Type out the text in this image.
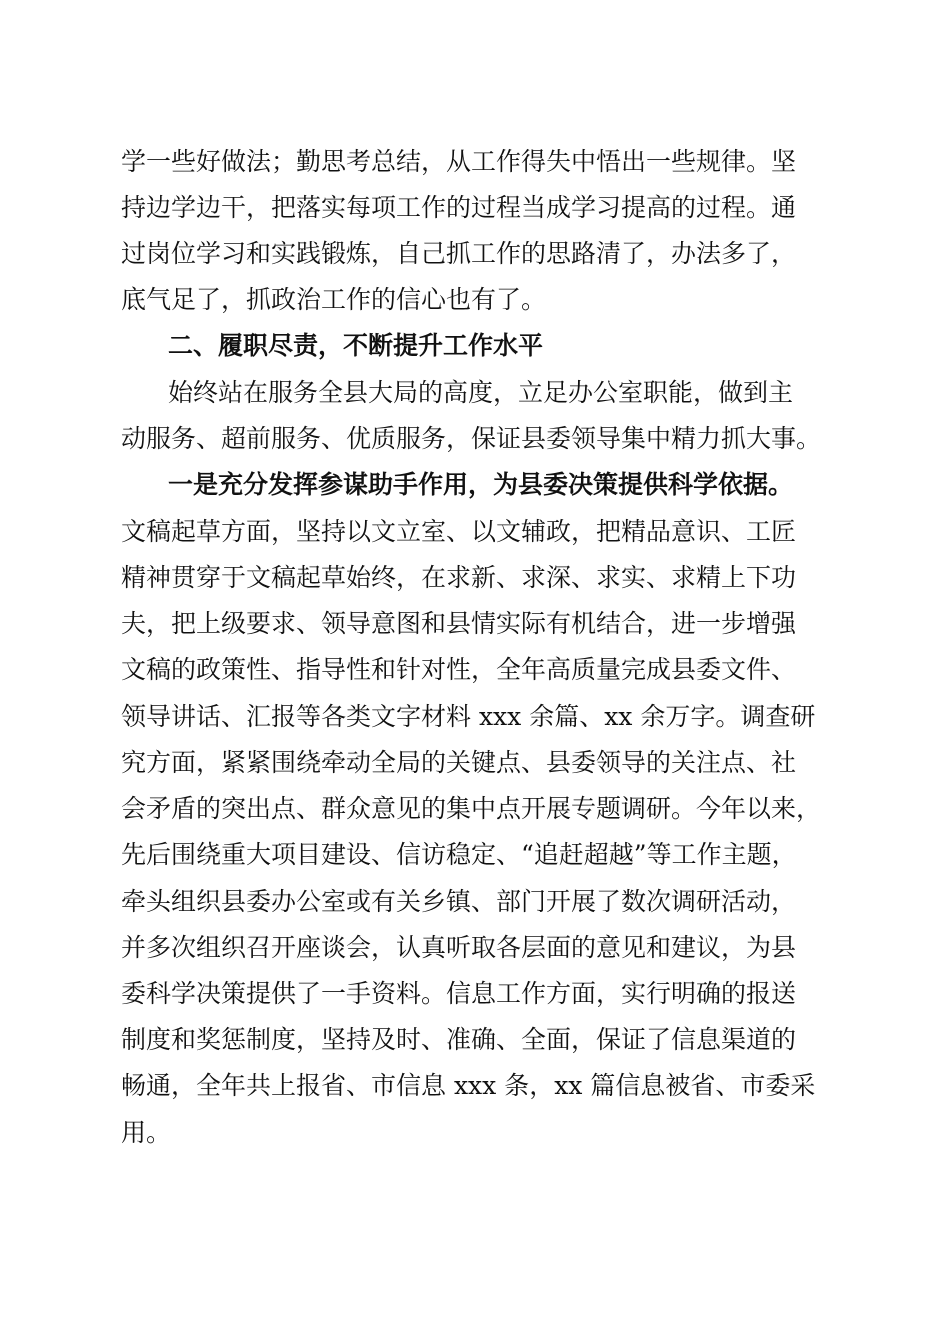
学一些好做法；勤思考总结，从工作得失中悟出一些规律。坚
持边学边干，把落实每项工作的过程当成学习提高的过程。通
过岗位学习和实践锻炼，自己抓工作的思路清了，办法多了，
底气足了，抓政治工作的信心也有了。
二、履职尽责，不断提升工作水平
始终站在服务全县大局的高度，立足办公室职能，做到主
动服务、超前服务、优质服务，保证县委领导集中精力抓大事。
一是充分发挥参谋助手作用，为县委决策提供科学依据。
文稿起草方面，坚持以文立室、以文辅政，把精品意识、工匠
精神贯穿于文稿起草始终，在求新、求深、求实、求精上下功
夫，把上级要求、领导意图和县情实际有机结合，进一步增强
文稿的政策性、指导性和针对性，全年高质量完成县委文件、
领导讲话、汇报等各类文字材料 xxx 余篇、xx 余万字。调查研
究方面，紧紧围绕牵动全局的关键点、县委领导的关注点、社
会矛盾的突出点、群众意见的集中点开展专题调研。今年以来，
先后围绕重大项目建设、信访稳定、“追赶超越”等工作主题，
牵头组织县委办公室或有关乡镇、部门开展了数次调研活动，
并多次组织召开座谈会，认真听取各层面的意见和建议，为县
委科学决策提供了一手资料。信息工作方面，实行明确的报送
制度和奖惩制度，坚持及时、准确、全面，保证了信息渠道的
畅通，全年共上报省、市信息 xxx 条，xx 篇信息被省、市委采
用。
